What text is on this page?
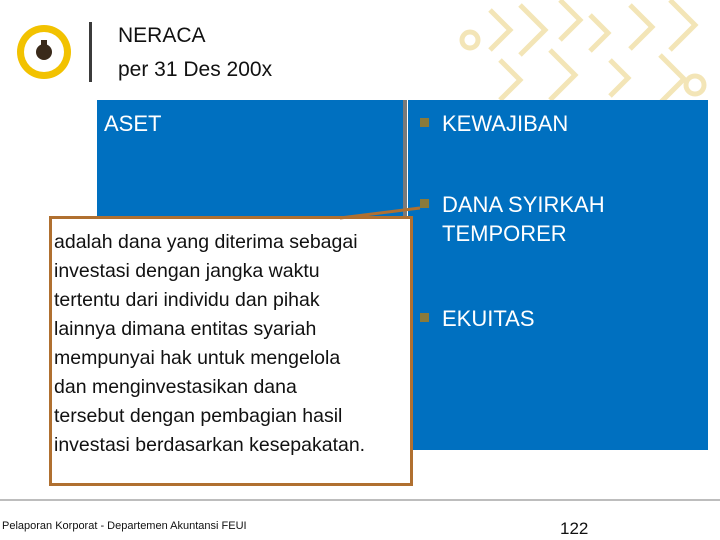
NERACA
per 31 Des 200x
ASET	KEWAJIBAN
DANA SYIRKAH TEMPORER
EKUITAS
adalah dana yang diterima sebagai
investasi dengan jangka waktu
tertentu dari individu dan pihak
lainnya dimana entitas syariah
mempunyai hak untuk mengelola
dan menginvestasikan dana
tersebut dengan pembagian hasil
investasi berdasarkan kesepakatan.
Pelaporan Korporat - Departemen Akuntansi FEUI	122
